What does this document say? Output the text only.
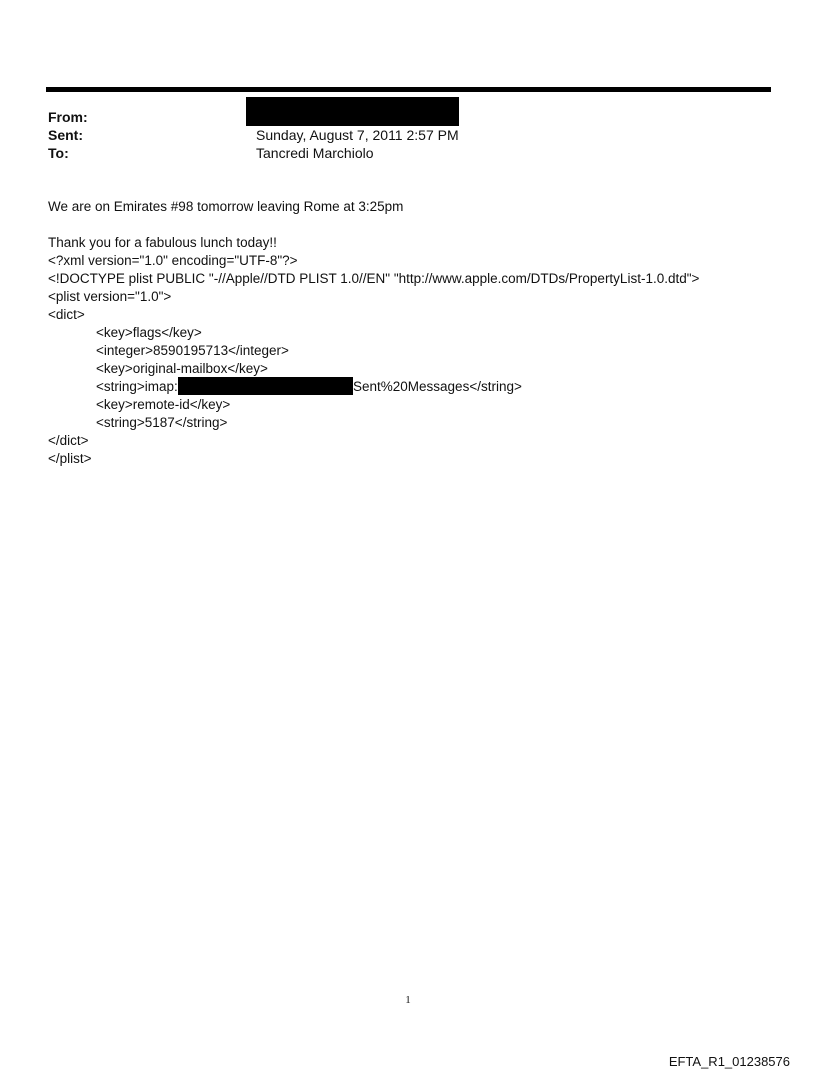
From:
Sent:	Sunday, August 7, 2011 2:57 PM
To:	Tancredi Marchiolo
We are on Emirates #98 tomorrow leaving Rome at 3:25pm
Thank you for a fabulous lunch today!!
<?xml version="1.0" encoding="UTF-8"?>
<!DOCTYPE plist PUBLIC "-//Apple//DTD PLIST 1.0//EN" "http://www.apple.com/DTDs/PropertyList-1.0.dtd">
<plist version="1.0">
<dict>
<key>flags</key>
<integer>8590195713</integer>
<key>original-mailbox</key>
<string>imap:	Sent%20Messages</string>
<key>remote-id</key>
<string>5187</string>
</dict>
</plist>
1
EFTA_R1_01238576
